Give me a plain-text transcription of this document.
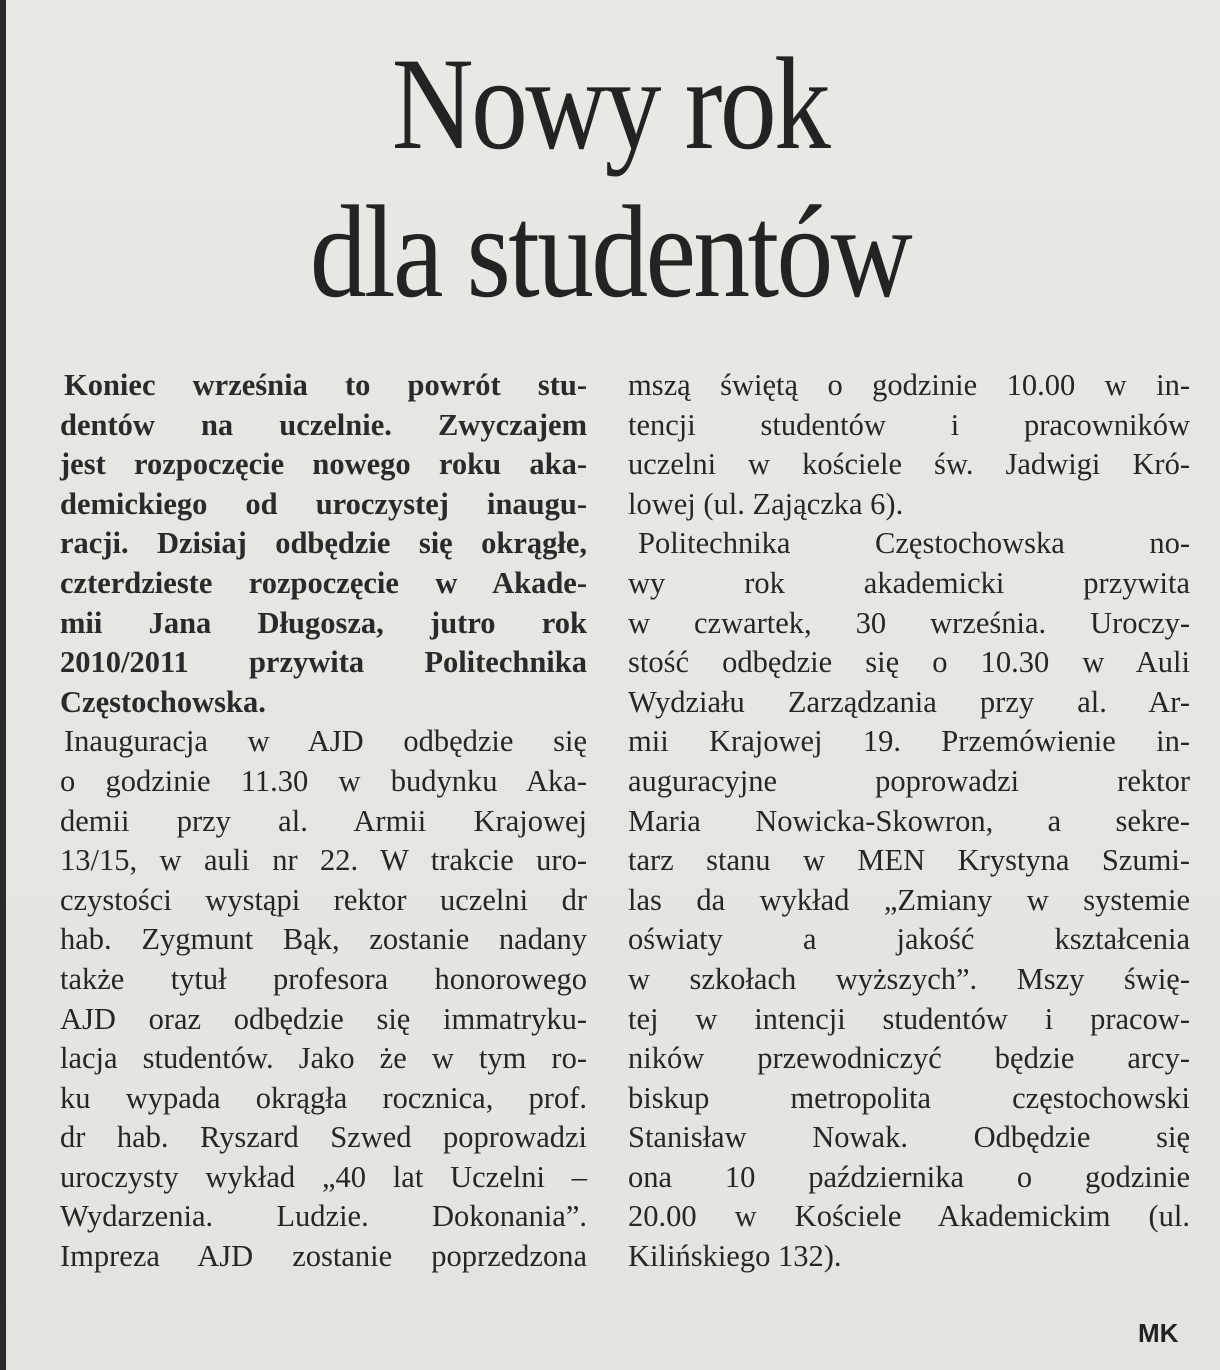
Nowy rok
dla studentów

Koniec września to powrót stu-
dentów na uczelnie. Zwyczajem
jest rozpoczęcie nowego roku aka-
demickiego od uroczystej inaugu-
racji. Dzisiaj odbędzie się okrągłe,
czterdzieste rozpoczęcie w Akade-
mii Jana Długosza, jutro rok
2010/2011 przywita Politechnika
Częstochowska.

Inauguracja w AJD odbędzie się
o godzinie 11.30 w budynku Aka-
demii przy al. Armii Krajowej
13/15, w auli nr 22. W trakcie uro-
czystości wystąpi rektor uczelni dr
hab. Zygmunt Bąk, zostanie nadany
także tytuł profesora honorowego
AJD oraz odbędzie się immatryku-
lacja studentów. Jako że w tym ro-
ku wypada okrągła rocznica, prof.
dr hab. Ryszard Szwed poprowadzi
uroczysty wykład „40 lat Uczelni –
Wydarzenia. Ludzie. Dokonania”.
Impreza AJD zostanie poprzedzona

mszą świętą o godzinie 10.00 w in-
tencji studentów i pracowników
uczelni w kościele św. Jadwigi Kró-
lowej (ul. Zajączka 6).

Politechnika Częstochowska no-
wy rok akademicki przywita
w czwartek, 30 września. Uroczy-
stość odbędzie się o 10.30 w Auli
Wydziału Zarządzania przy al. Ar-
mii Krajowej 19. Przemówienie in-
auguracyjne poprowadzi rektor
Maria Nowicka-Skowron, a sekre-
tarz stanu w MEN Krystyna Szumi-
las da wykład „Zmiany w systemie
oświaty a jakość kształcenia
w szkołach wyższych”. Mszy świę-
tej w intencji studentów i pracow-
ników przewodniczyć będzie arcy-
biskup metropolita częstochowski
Stanisław Nowak. Odbędzie się
ona 10 października o godzinie
20.00 w Kościele Akademickim (ul.
Kilińskiego 132).

MK
